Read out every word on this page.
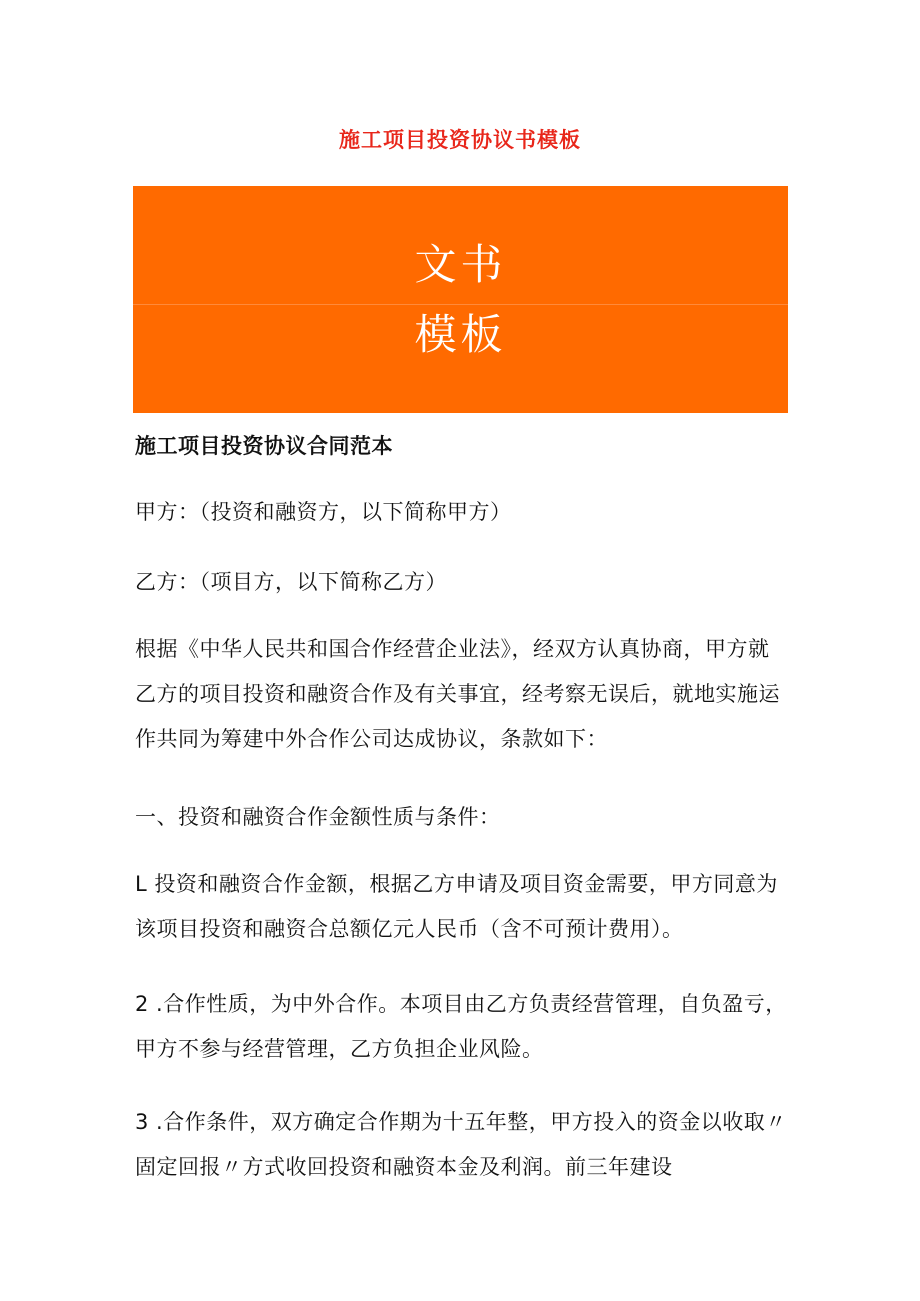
施工项目投资协议书模板
文书
模板

施工项目投资协议合同范本

甲方：（投资和融资方，以下简称甲方）

乙方：（项目方，以下简称乙方）

根据《中华人民共和国合作经营企业法》，经双方认真协商，甲方就乙方的项目投资和融资合作及有关事宜，经考察无误后，就地实施运作共同为筹建中外合作公司达成协议，条款如下：

一、投资和融资合作金额性质与条件：

L 投资和融资合作金额，根据乙方申请及项目资金需要，甲方同意为该项目投资和融资合总额亿元人民币（含不可预计费用）。

2 .合作性质，为中外合作。本项目由乙方负责经营管理，自负盈亏，甲方不参与经营管理，乙方负担企业风险。

3 .合作条件，双方确定合作期为十五年整，甲方投入的资金以收取〃固定回报〃方式收回投资和融资本金及利润。前三年建设
